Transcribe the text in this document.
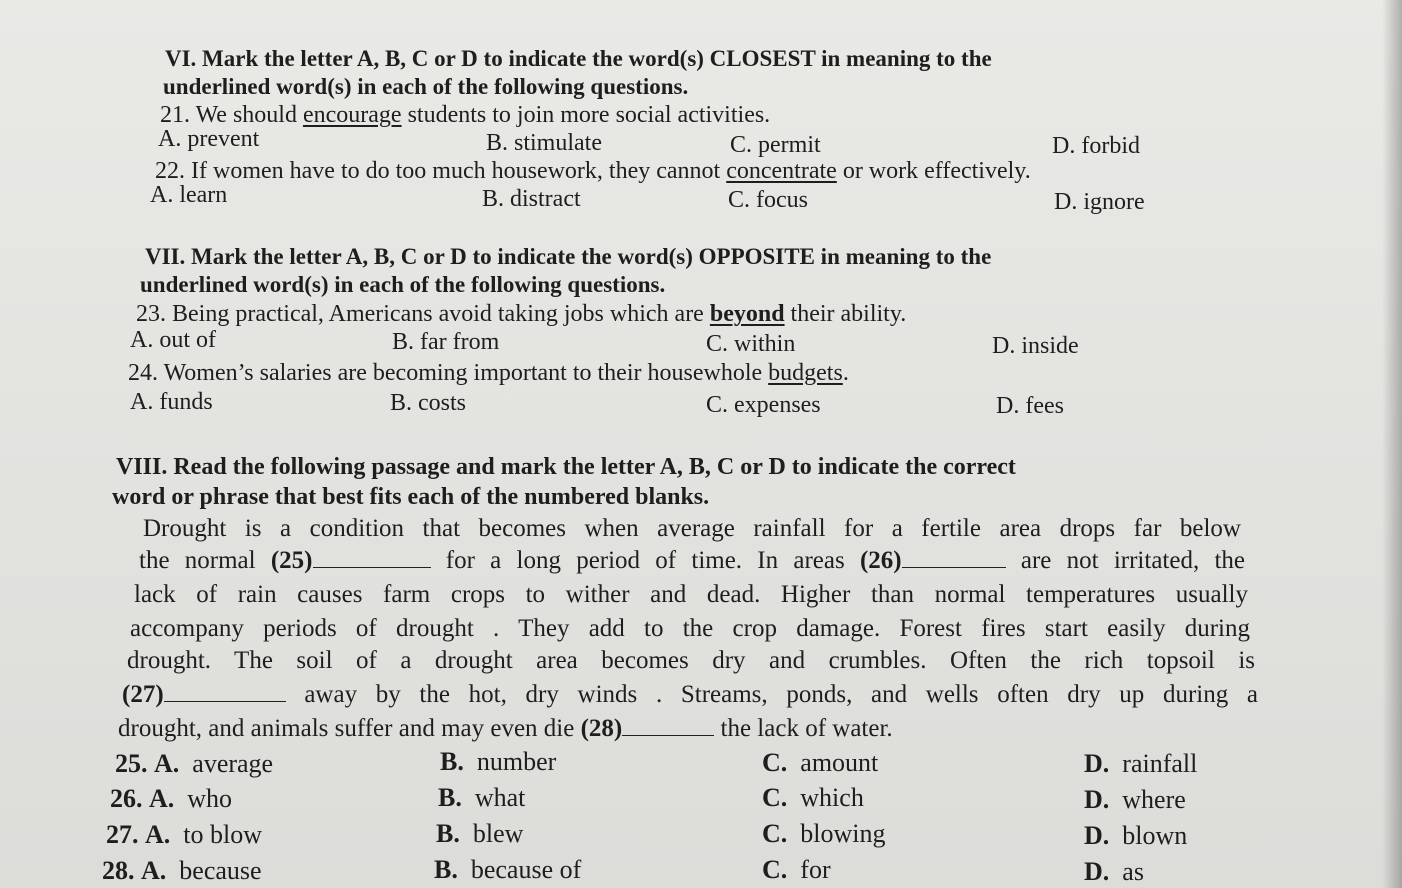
VI. Mark the letter A, B, C or D to indicate the word(s) CLOSEST in meaning to the

underlined word(s) in each of the following questions.

21. We should encourage students to join more social activities.

A. prevent	B. stimulate	C. permit	D. forbid

22. If women have to do too much housework, they cannot concentrate or work effectively.

A. learn	B. distract	C. focus	D. ignore

VII. Mark the letter A, B, C or D to indicate the word(s) OPPOSITE in meaning to the

underlined word(s) in each of the following questions.

23. Being practical, Americans avoid taking jobs which are beyond their ability.

A. out of	B. far from	C. within	D. inside

24. Women’s salaries are becoming important to their housewhole budgets.

A. funds	B. costs	C. expenses	D. fees

VIII. Read the following passage and mark the letter A, B, C or D to indicate the correct

word or phrase that best fits each of the numbered blanks.

Drought is a condition that becomes when average rainfall for a fertile area drops far below

the normal (25)	for a long period of time. In areas (26)	are not irritated, the

lack of rain causes farm crops to wither and dead. Higher than normal temperatures usually

accompany periods of drought . They add to the crop damage. Forest fires start easily during

drought. The soil of a drought area becomes dry and crumbles. Often the rich topsoil is

(27)	away by the hot, dry winds . Streams, ponds, and wells often dry up during a

drought, and animals suffer and may even die (28)	the lack of water.

25. A. average	B. number	C. amount	D. rainfall

26. A. who	B. what	C. which	D. where

27. A. to blow	B. blew	C. blowing	D. blown

28. A. because	B. because of	C. for	D. as
